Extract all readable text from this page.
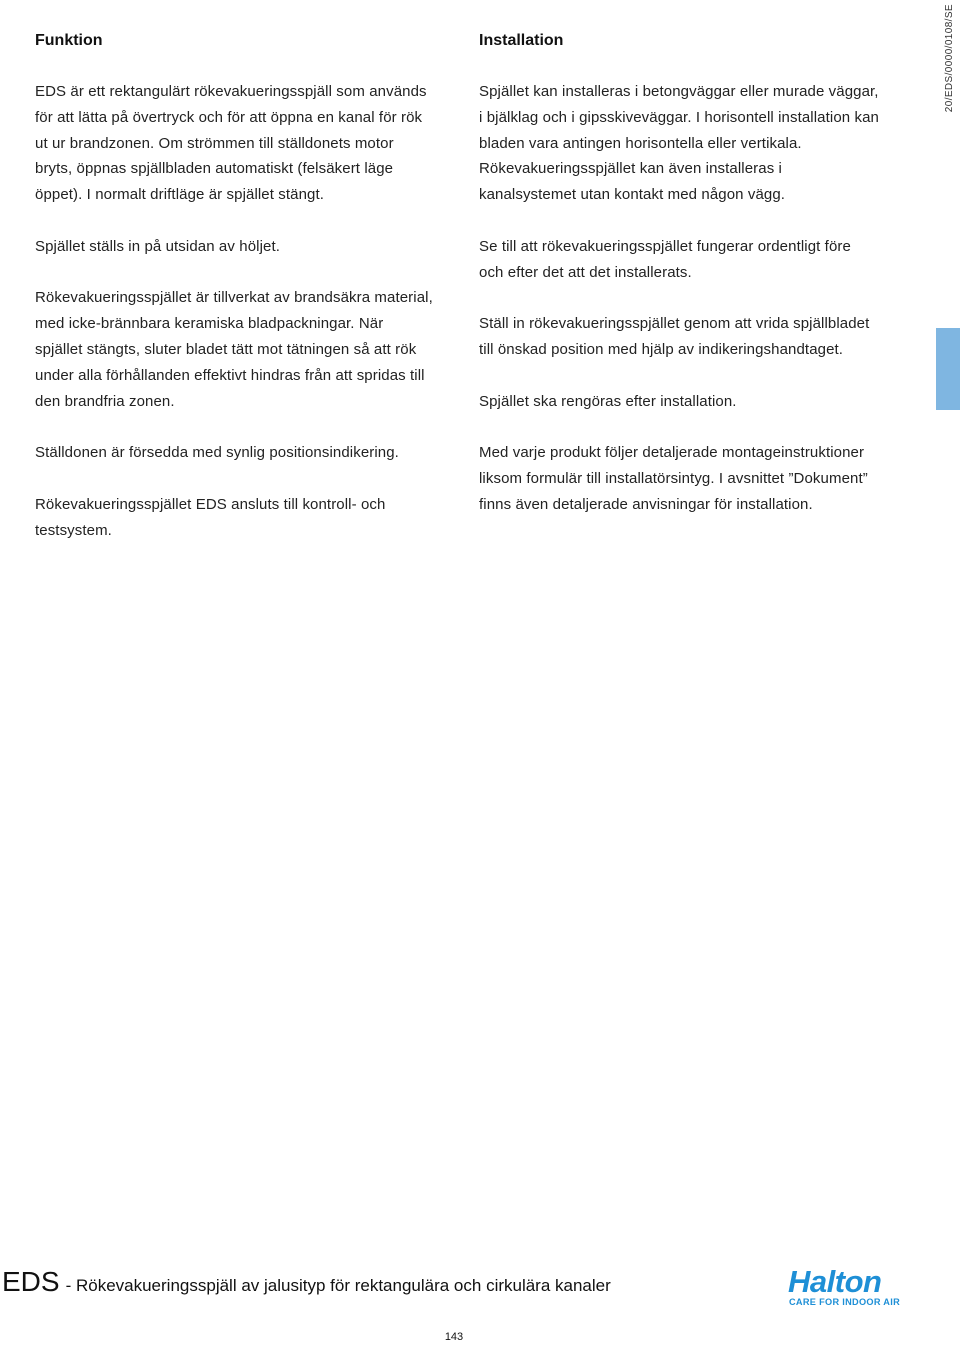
Funktion

EDS är ett rektangulärt rökevakueringsspjäll som används för att lätta på övertryck och för att öppna en kanal för rök ut ur brandzonen. Om strömmen till ställdonets motor bryts, öppnas spjällbladen automatiskt (felsäkert läge öppet). I normalt driftläge är spjället stängt.

Spjället ställs in på utsidan av höljet.

Rökevakueringsspjället är tillverkat av brandsäkra material, med icke-brännbara keramiska bladpackningar. När spjället stängts, sluter bladet tätt mot tätningen så att rök under alla förhållanden effektivt hindras från att spridas till den brandfria zonen.

Ställdonen är försedda med synlig positionsindikering.

Rökevakueringsspjället EDS ansluts till kontroll- och testsystem.

Installation

Spjället kan installeras i betongväggar eller murade väggar, i bjälklag och i gipsskiveväggar. I horisontell installation kan bladen vara antingen horisontella eller vertikala. Rökevakueringsspjället kan även installeras i kanalsystemet utan kontakt med någon vägg.

Se till att rökevakueringsspjället fungerar ordentligt före och efter det att det installerats.

Ställ in rökevakueringsspjället genom att vrida spjällbladet till önskad position med hjälp av indikeringshandtaget.

Spjället ska rengöras efter installation.

Med varje produkt följer detaljerade montageinstruktioner liksom formulär till installatörsintyg. I avsnittet ”Dokument” finns även detaljerade anvisningar för installation.

20/EDS/0000/0108/SE
EDS - Rökevakueringsspjäll av jalusityp för rektangulära och cirkulära kanaler	Halton
CARE FOR INDOOR AIR
143
